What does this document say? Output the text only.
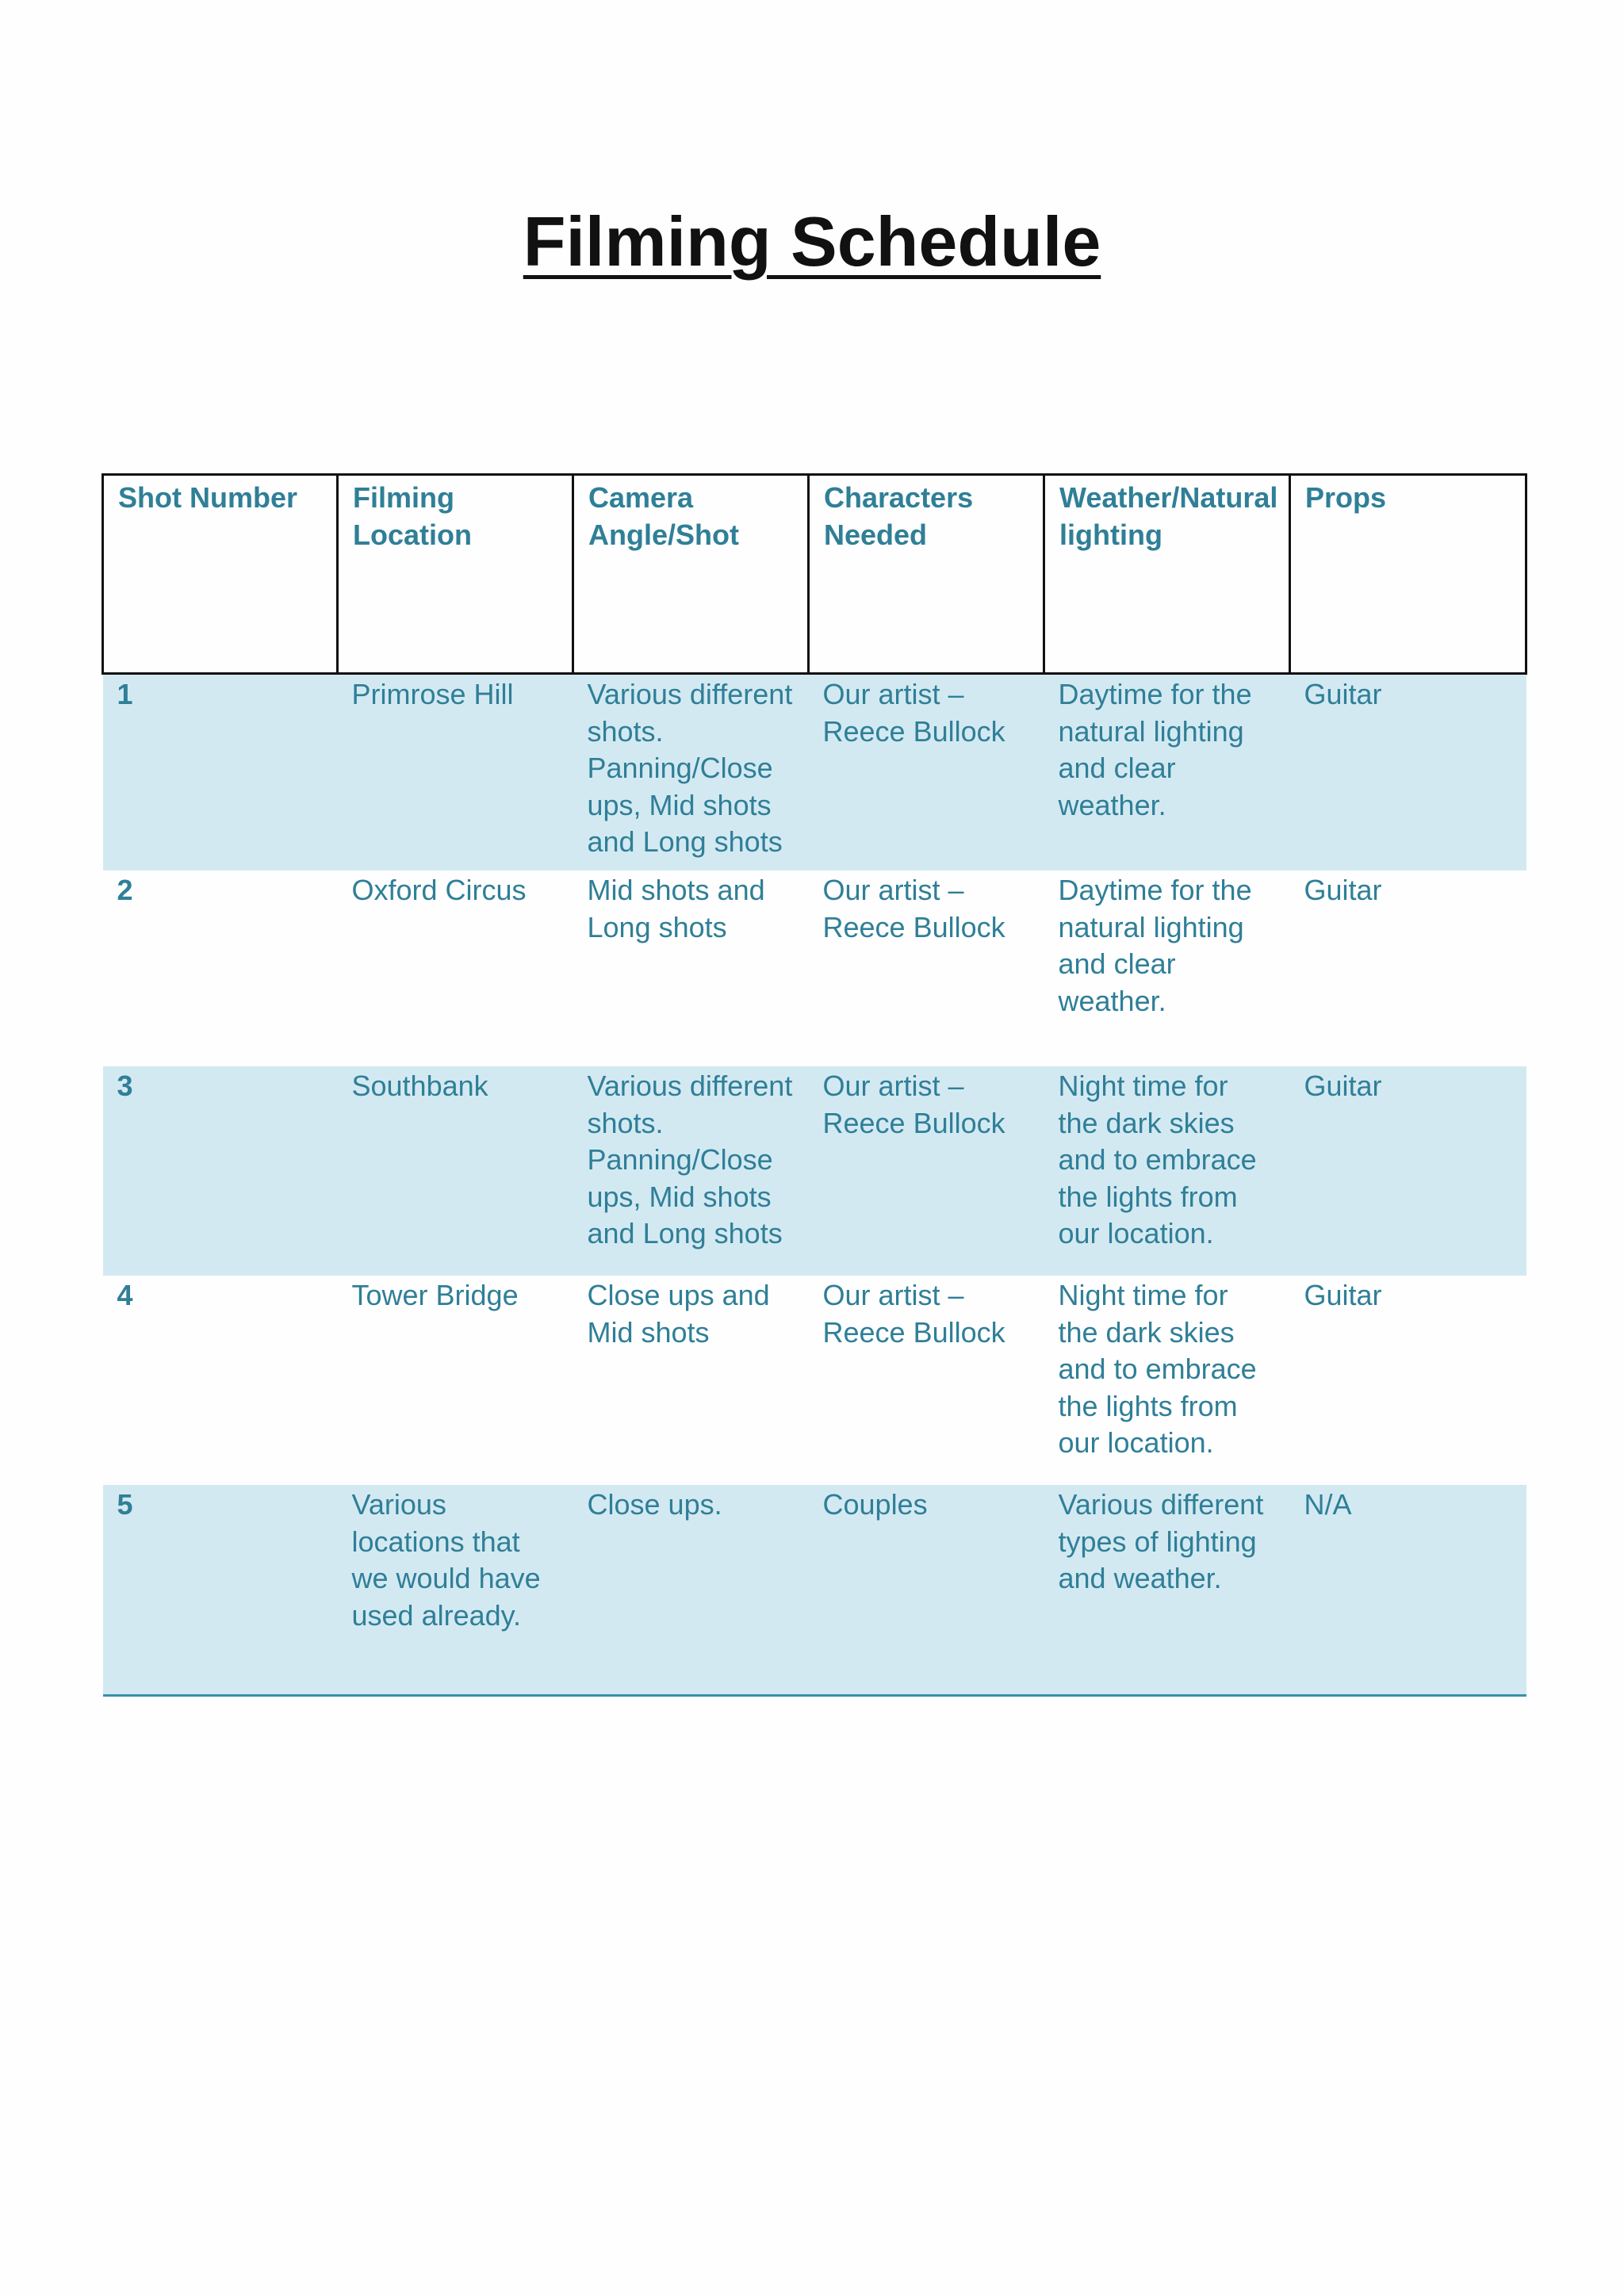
Filming Schedule
Shot Number	Filming Location	Camera Angle/Shot	Characters Needed	Weather/Natural lighting	Props
1	Primrose Hill	Various different shots. Panning/Close ups, Mid shots and Long shots	Our artist – Reece Bullock	Daytime for the natural lighting and clear weather.	Guitar
2	Oxford Circus	Mid shots and Long shots	Our artist – Reece Bullock	Daytime for the natural lighting and clear weather.	Guitar
3	Southbank	Various different shots. Panning/Close ups, Mid shots and Long shots	Our artist – Reece Bullock	Night time for the dark skies and to embrace the lights from our location.	Guitar
4	Tower Bridge	Close ups and Mid shots	Our artist – Reece Bullock	Night time for the dark skies and to embrace the lights from our location.	Guitar
5	Various locations that we would have used already.	Close ups.	Couples	Various different types of lighting and weather.	N/A
